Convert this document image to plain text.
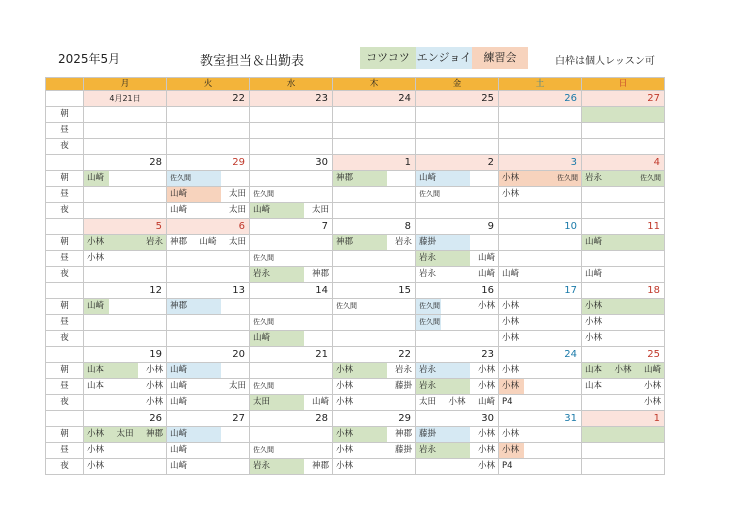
2025年5月	教室担当＆出勤表	コツコツ エンジョイ	練習会	白枠は個人レッスン可
	月	火	水	木	金	土	日
	4月21日	22	23	24	25	26	27
朝	

昼	

夜	

	28	29	30	1	2	3	4
朝	山崎	佐久間		神郡	山崎	小林 佐久間	岩永 佐久間

昼		山崎 太田	佐久間		佐久間	小林	

夜		山崎 太田	山崎 太田				

	5	6	7	8	9	10	11
朝	小林 岩永	神郡 山崎 太田		神郡 岩永	藤掛		山崎

昼	小林		佐久間		岩永 山崎		

夜			岩永 神郡		岩永 山崎	山崎	山崎

	12	13	14	15	16	17	18
朝	山崎	神郡		佐久間	佐久間 小林	小林	小林

昼			佐久間		佐久間	小林	小林

夜			山崎			小林	小林

	19	20	21	22	23	24	25
朝	山本 小林	山崎		小林 岩永	岩永 小林	小林	山本 小林 山崎

昼	山本 小林	山崎 太田	佐久間	小林 藤掛	岩永 小林	小林	山本 小林

夜	小林	山崎	太田 山崎	小林	太田 小林 山崎	P4	小林

	26	27	28	29	30	31	1
朝	小林 太田 神郡	山崎		小林 神郡	藤掛 小林	小林	

昼	小林	山崎	佐久間	小林 藤掛	岩永 小林	小林	

夜	小林	山崎	岩永 神郡	小林	小林	P4	
